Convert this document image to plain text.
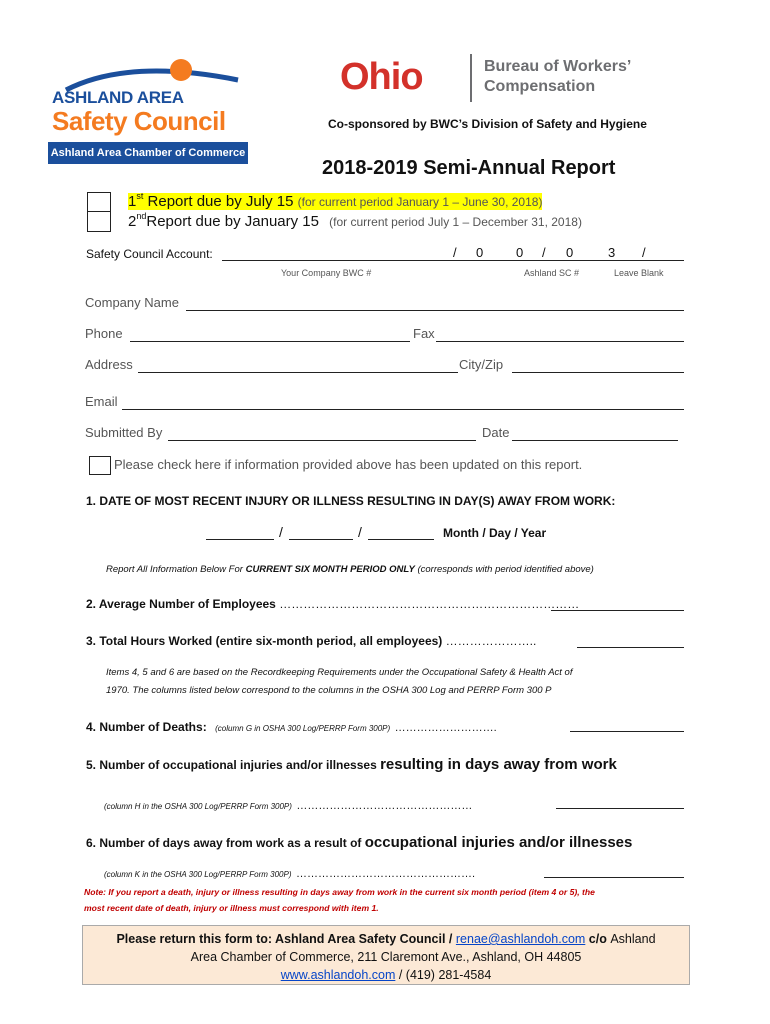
ASHLAND AREA
Safety Council
Ashland Area Chamber of Commerce
Ohio	Bureau of Workers’
Compensation
Co-sponsored by BWC’s Division of Safety and Hygiene
2018-2019 Semi-Annual Report
1st Report due by July 15 (for current period January 1 – June 30, 2018)
2ndReport due by January 15 (for current period July 1 – December 31, 2018)
Safety Council Account:	/ 0	0 / 0	3 /
Your Company BWC #	Ashland SC #	Leave Blank
Company Name
Phone	Fax
Address	City/Zip
Email
Submitted By	Date
Please check here if information provided above has been updated on this report.
1. DATE OF MOST RECENT INJURY OR ILLNESS RESULTING IN DAY(S) AWAY FROM WORK:
/	/	Month / Day / Year
Report All Information Below For CURRENT SIX MONTH PERIOD ONLY (corresponds with period identified above)
2. Average Number of Employees …………………………………………………………………
3. Total Hours Worked (entire six-month period, all employees) …………………..
Items 4, 5 and 6 are based on the Recordkeeping Requirements under the Occupational Safety & Health Act of
1970. The columns listed below correspond to the columns in the OSHA 300 Log and PERRP Form 300 P
4. Number of Deaths: (column G in OSHA 300 Log/PERRP Form 300P) ……………………….
5. Number of occupational injuries and/or illnesses resulting in days away from work
(column H in the OSHA 300 Log/PERRP Form 300P) …………………………………………
6. Number of days away from work as a result of occupational injuries and/or illnesses
(column K in the OSHA 300 Log/PERRP Form 300P) ………………………………………….
Note: If you report a death, injury or illness resulting in days away from work in the current six month period (item 4 or 5), the
most recent date of death, injury or illness must correspond with item 1.
Please return this form to: Ashland Area Safety Council / renae@ashlandoh.com c/o Ashland
Area Chamber of Commerce, 211 Claremont Ave., Ashland, OH 44805
www.ashlandoh.com / (419) 281-4584
